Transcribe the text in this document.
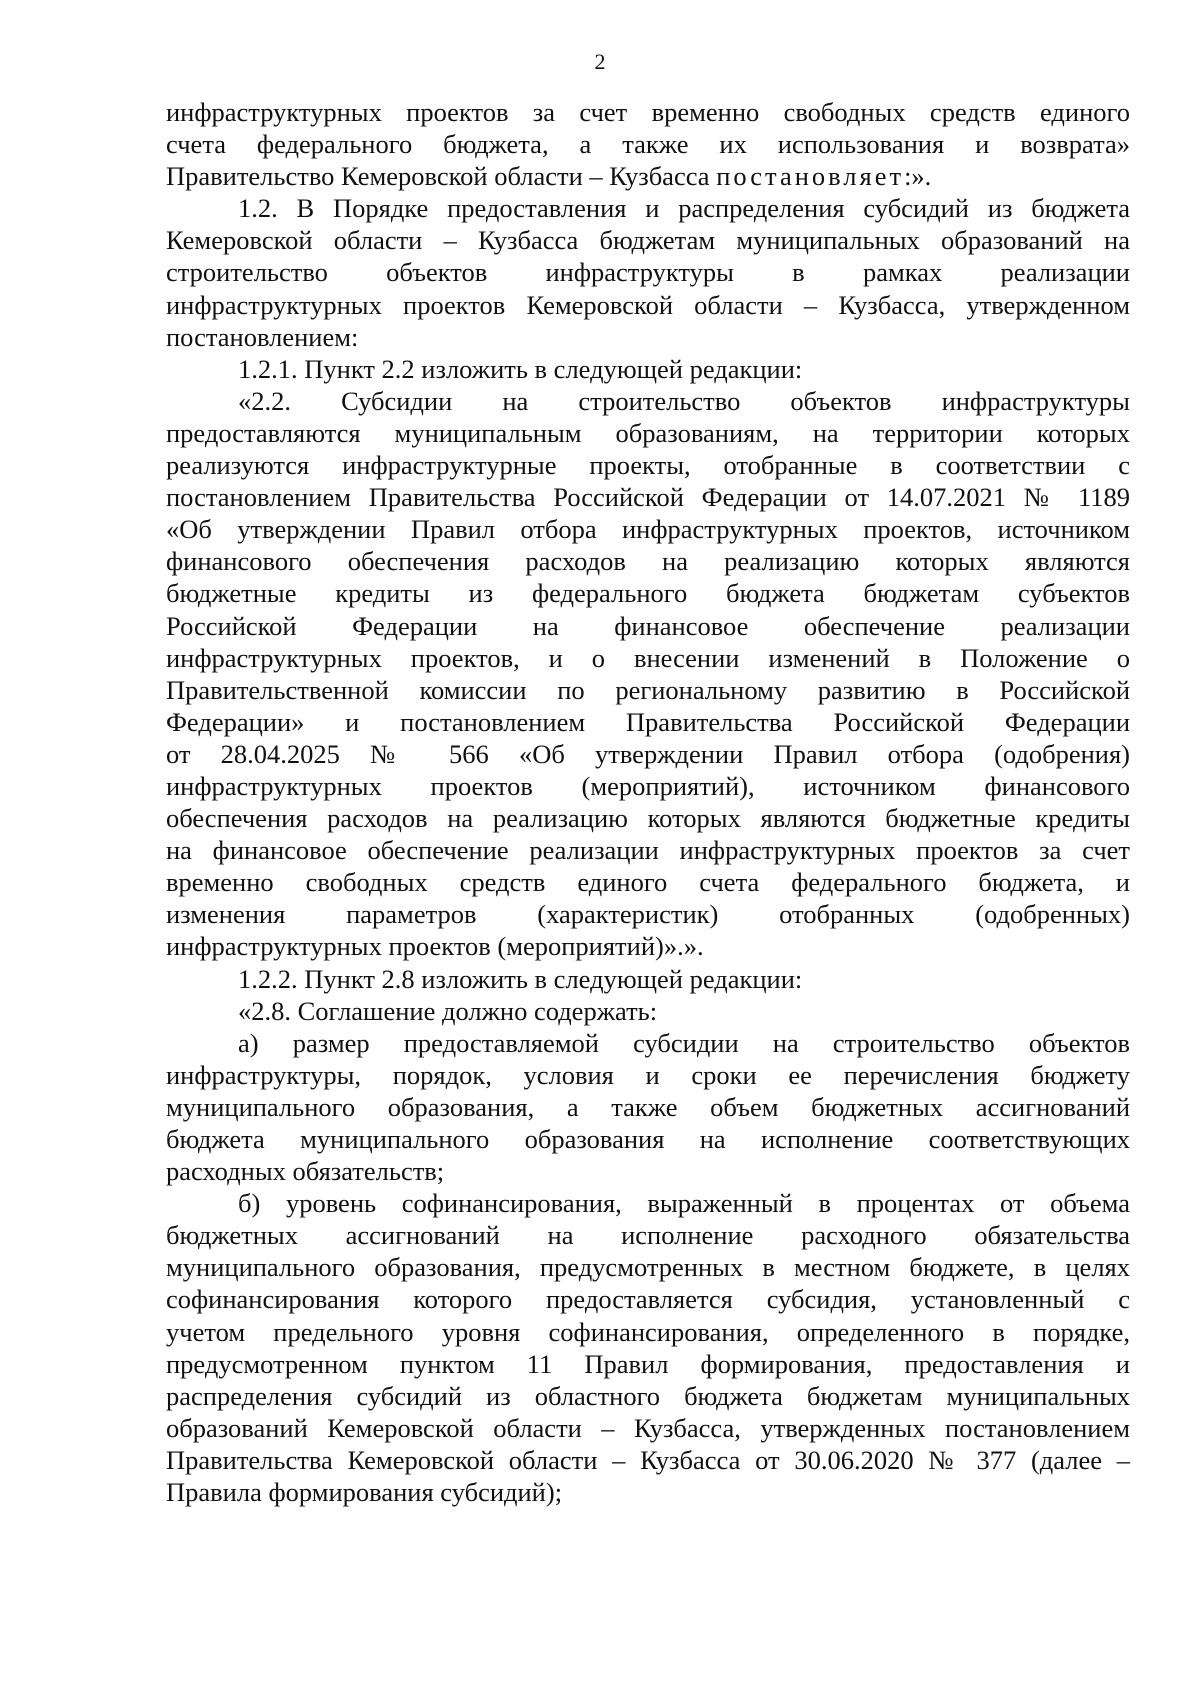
2
инфраструктурных проектов за счет временно свободных средств единого
счета федерального бюджета, а также их использования и возврата»
Правительство Кемеровской области – Кузбасса постановляет:».
1.2. В Порядке предоставления и распределения субсидий из бюджета
Кемеровской области – Кузбасса бюджетам муниципальных образований на
строительство объектов инфраструктуры в рамках реализации
инфраструктурных проектов Кемеровской области – Кузбасса, утвержденном
постановлением:
1.2.1. Пункт 2.2 изложить в следующей редакции:
«2.2. Субсидии на строительство объектов инфраструктуры
предоставляются муниципальным образованиям, на территории которых
реализуются инфраструктурные проекты, отобранные в соответствии с
постановлением Правительства Российской Федерации от 14.07.2021 № 1189
«Об утверждении Правил отбора инфраструктурных проектов, источником
финансового обеспечения расходов на реализацию которых являются
бюджетные кредиты из федерального бюджета бюджетам субъектов
Российской Федерации на финансовое обеспечение реализации
инфраструктурных проектов, и о внесении изменений в Положение о
Правительственной комиссии по региональному развитию в Российской
Федерации» и постановлением Правительства Российской Федерации
от 28.04.2025 № 566 «Об утверждении Правил отбора (одобрения)
инфраструктурных проектов (мероприятий), источником финансового
обеспечения расходов на реализацию которых являются бюджетные кредиты
на финансовое обеспечение реализации инфраструктурных проектов за счет
временно свободных средств единого счета федерального бюджета, и
изменения параметров (характеристик) отобранных (одобренных)
инфраструктурных проектов (мероприятий)».».
1.2.2. Пункт 2.8 изложить в следующей редакции:
«2.8. Соглашение должно содержать:
а) размер предоставляемой субсидии на строительство объектов
инфраструктуры, порядок, условия и сроки ее перечисления бюджету
муниципального образования, а также объем бюджетных ассигнований
бюджета муниципального образования на исполнение соответствующих
расходных обязательств;
б) уровень софинансирования, выраженный в процентах от объема
бюджетных ассигнований на исполнение расходного обязательства
муниципального образования, предусмотренных в местном бюджете, в целях
софинансирования которого предоставляется субсидия, установленный с
учетом предельного уровня софинансирования, определенного в порядке,
предусмотренном пунктом 11 Правил формирования, предоставления и
распределения субсидий из областного бюджета бюджетам муниципальных
образований Кемеровской области – Кузбасса, утвержденных постановлением
Правительства Кемеровской области – Кузбасса от 30.06.2020 № 377 (далее –
Правила формирования субсидий);
